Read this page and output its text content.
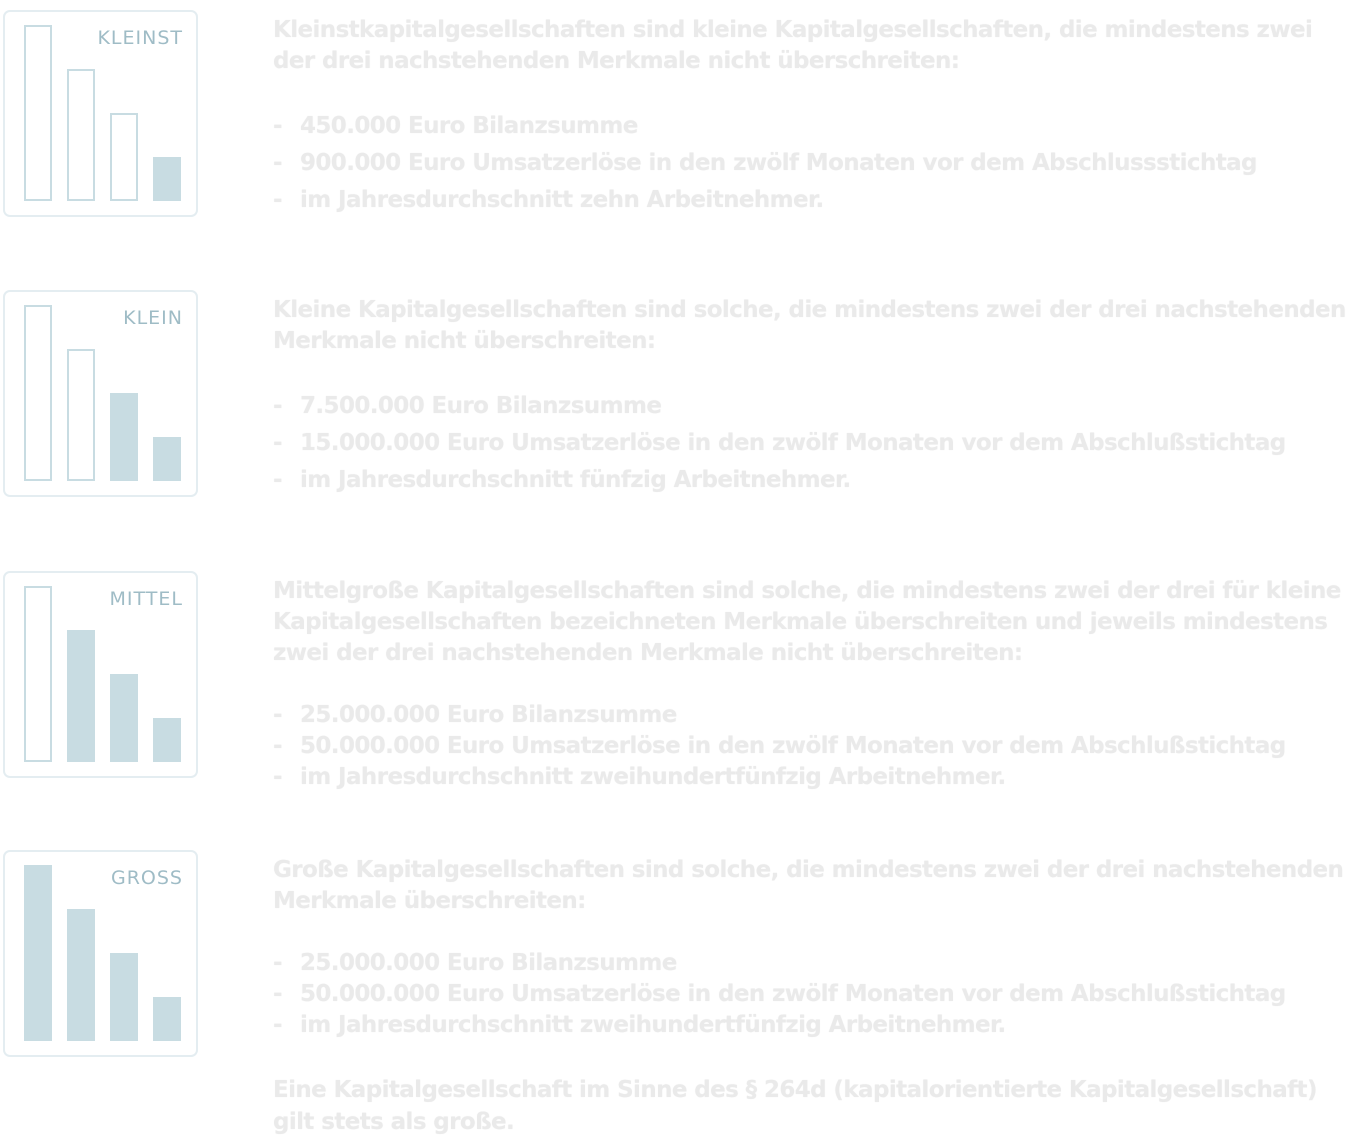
KLEINST	Kleinstkapitalgesellschaften sind kleine Kapitalgesellschaften, die mindestens zwei der drei nachstehenden Merkmale nicht überschreiten:

- 450.000 Euro Bilanzsumme
- 900.000 Euro Umsatzerlöse in den zwölf Monaten vor dem Abschlussstichtag
- im Jahresdurchschnitt zehn Arbeitnehmer.
KLEIN	Kleine Kapitalgesellschaften sind solche, die mindestens zwei der drei nachstehenden Merkmale nicht überschreiten:

- 7.500.000 Euro Bilanzsumme
- 15.000.000 Euro Umsatzerlöse in den zwölf Monaten vor dem Abschlußstichtag
- im Jahresdurchschnitt fünfzig Arbeitnehmer.
MITTEL	Mittelgroße Kapitalgesellschaften sind solche, die mindestens zwei der drei für kleine Kapitalgesellschaften bezeichneten Merkmale überschreiten und jeweils mindestens zwei der drei nachstehenden Merkmale nicht überschreiten:

- 25.000.000 Euro Bilanzsumme
- 50.000.000 Euro Umsatzerlöse in den zwölf Monaten vor dem Abschlußstichtag
- im Jahresdurchschnitt zweihundertfünfzig Arbeitnehmer.
GROSS	Große Kapitalgesellschaften sind solche, die mindestens zwei der drei nachstehenden Merkmale überschreiten:

- 25.000.000 Euro Bilanzsumme
- 50.000.000 Euro Umsatzerlöse in den zwölf Monaten vor dem Abschlußstichtag
- im Jahresdurchschnitt zweihundertfünfzig Arbeitnehmer.
Eine Kapitalgesellschaft im Sinne des § 264d (kapitalorientierte Kapitalgesellschaft) gilt stets als große.
